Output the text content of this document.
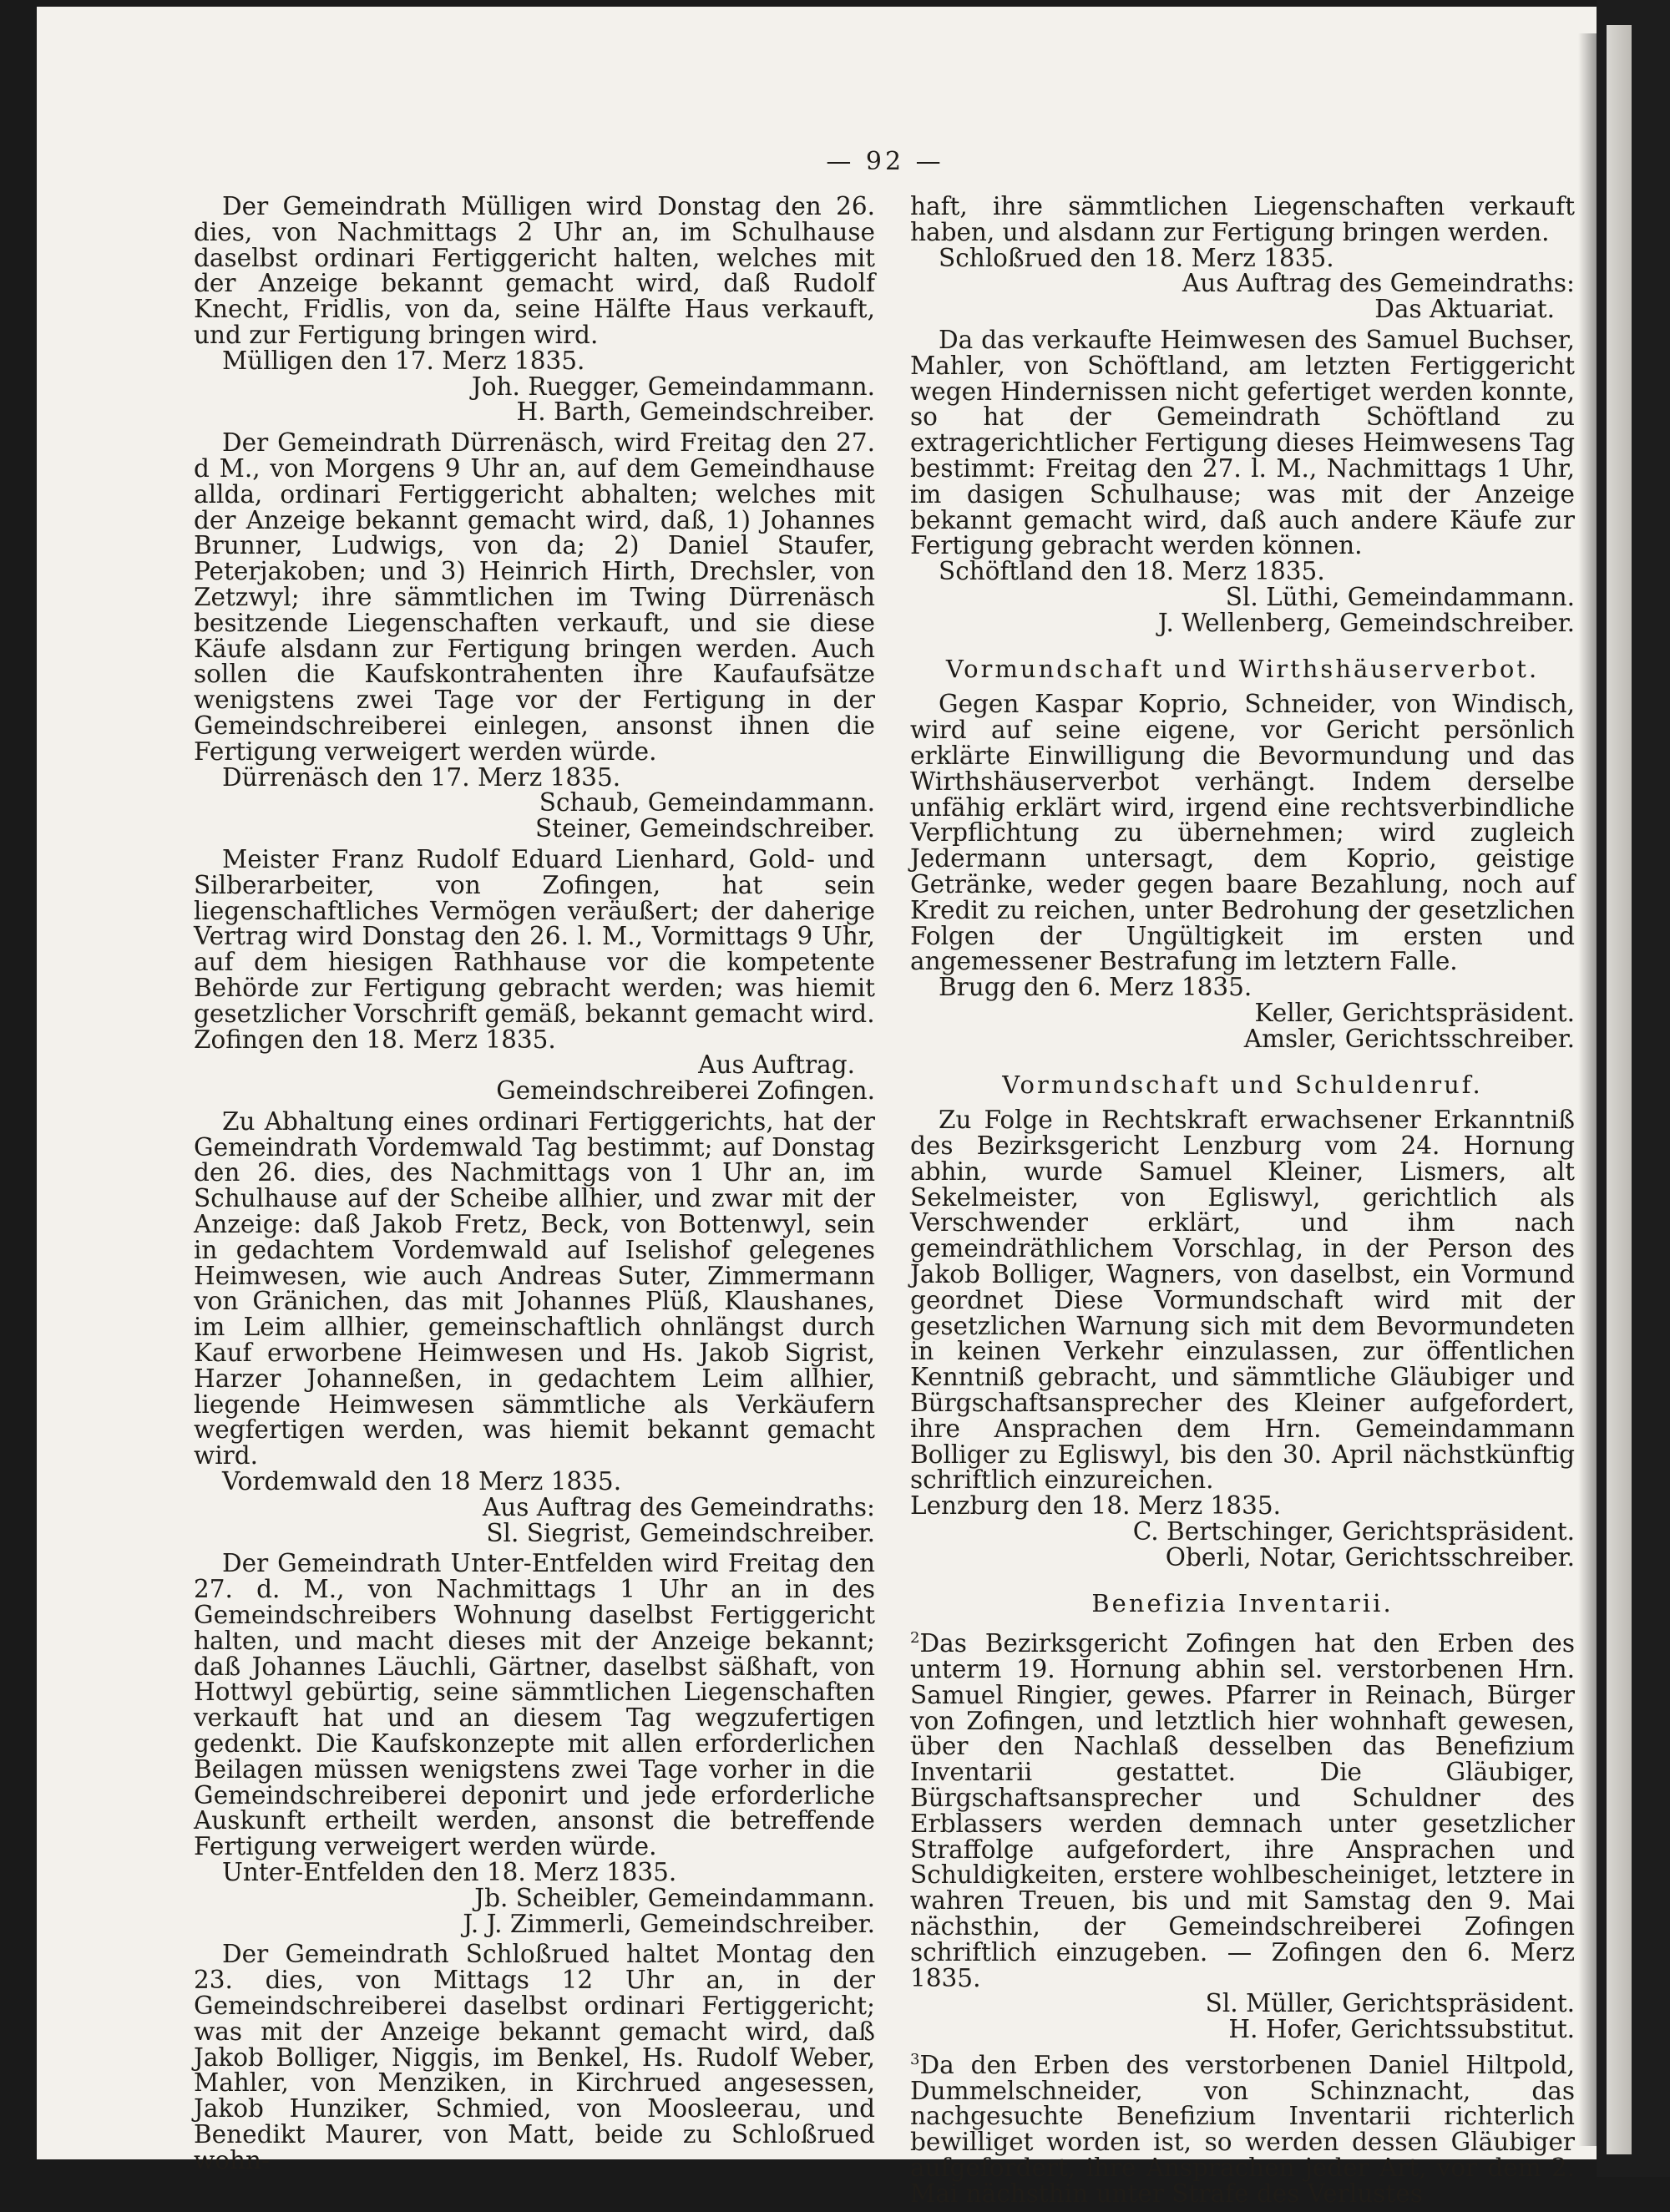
— 92 —

Der Gemeindrath Mülligen wird Donstag den 26. dies, von Nachmittags 2 Uhr an, im Schulhause daselbst ordinari Fertiggericht halten, welches mit der Anzeige bekannt gemacht wird, daß Rudolf Knecht, Fridlis, von da, seine Hälfte Haus verkauft, und zur Fertigung bringen wird.

Mülligen den 17. Merz 1835.

Joh. Ruegger, Gemeindammann.

H. Barth, Gemeindschreiber.

Der Gemeindrath Dürrenäsch, wird Freitag den 27. d M., von Morgens 9 Uhr an, auf dem Gemeindhause allda, ordinari Fertiggericht abhalten; welches mit der Anzeige bekannt gemacht wird, daß, 1) Johannes Brunner, Ludwigs, von da; 2) Daniel Staufer, Peterjakoben; und 3) Heinrich Hirth, Drechsler, von Zetzwyl; ihre sämmtlichen im Twing Dürrenäsch besitzende Liegenschaften verkauft, und sie diese Käufe alsdann zur Fertigung bringen werden. Auch sollen die Kaufskontrahenten ihre Kaufaufsätze wenigstens zwei Tage vor der Fertigung in der Gemeindschreiberei einlegen, ansonst ihnen die Fertigung verweigert werden würde.

Dürrenäsch den 17. Merz 1835.

Schaub, Gemeindammann.

Steiner, Gemeindschreiber.

Meister Franz Rudolf Eduard Lienhard, Gold- und Silberarbeiter, von Zofingen, hat sein liegenschaftliches Vermögen veräußert; der daherige Vertrag wird Donstag den 26. l. M., Vormittags 9 Uhr, auf dem hiesigen Rathhause vor die kompetente Behörde zur Fertigung gebracht werden; was hiemit gesetzlicher Vorschrift gemäß, bekannt gemacht wird.

Zofingen den 18. Merz 1835.

Aus Auftrag.

Gemeindschreiberei Zofingen.

Zu Abhaltung eines ordinari Fertiggerichts, hat der Gemeindrath Vordemwald Tag bestimmt; auf Donstag den 26. dies, des Nachmittags von 1 Uhr an, im Schulhause auf der Scheibe allhier, und zwar mit der Anzeige: daß Jakob Fretz, Beck, von Bottenwyl, sein in gedachtem Vordemwald auf Iselishof gelegenes Heimwesen, wie auch Andreas Suter, Zimmermann von Gränichen, das mit Johannes Plüß, Klaushanes, im Leim allhier, gemeinschaftlich ohnlängst durch Kauf erworbene Heimwesen und Hs. Jakob Sigrist, Harzer Johanneßen, in gedachtem Leim allhier, liegende Heimwesen sämmtliche als Verkäufern wegfertigen werden, was hiemit bekannt gemacht wird.

Vordemwald den 18 Merz 1835.

Aus Auftrag des Gemeindraths:

Sl. Siegrist, Gemeindschreiber.

Der Gemeindrath Unter-Entfelden wird Freitag den 27. d. M., von Nachmittags 1 Uhr an in des Gemeindschreibers Wohnung daselbst Fertiggericht halten, und macht dieses mit der Anzeige bekannt; daß Johannes Läuchli, Gärtner, daselbst säßhaft, von Hottwyl gebürtig, seine sämmtlichen Liegenschaften verkauft hat und an diesem Tag wegzufertigen gedenkt. Die Kaufskonzepte mit allen erforderlichen Beilagen müssen wenigstens zwei Tage vorher in die Gemeindschreiberei deponirt und jede erforderliche Auskunft ertheilt werden, ansonst die betreffende Fertigung verweigert werden würde.

Unter-Entfelden den 18. Merz 1835.

Jb. Scheibler, Gemeindammann.

J. J. Zimmerli, Gemeindschreiber.

Der Gemeindrath Schloßrued haltet Montag den 23. dies, von Mittags 12 Uhr an, in der Gemeindschreiberei daselbst ordinari Fertiggericht; was mit der Anzeige bekannt gemacht wird, daß Jakob Bolliger, Niggis, im Benkel, Hs. Rudolf Weber, Mahler, von Menziken, in Kirchrued angesessen, Jakob Hunziker, Schmied, von Moosleerau, und Benedikt Maurer, von Matt, beide zu Schloßrued wohn-

haft, ihre sämmtlichen Liegenschaften verkauft haben, und alsdann zur Fertigung bringen werden.

Schloßrued den 18. Merz 1835.

Aus Auftrag des Gemeindraths:

Das Aktuariat.

Da das verkaufte Heimwesen des Samuel Buchser, Mahler, von Schöftland, am letzten Fertiggericht wegen Hindernissen nicht gefertiget werden konnte, so hat der Gemeindrath Schöftland zu extragerichtlicher Fertigung dieses Heimwesens Tag bestimmt: Freitag den 27. l. M., Nachmittags 1 Uhr, im dasigen Schulhause; was mit der Anzeige bekannt gemacht wird, daß auch andere Käufe zur Fertigung gebracht werden können.

Schöftland den 18. Merz 1835.

Sl. Lüthi, Gemeindammann.

J. Wellenberg, Gemeindschreiber.

Vormundschaft und Wirthshäuserverbot.

Gegen Kaspar Koprio, Schneider, von Windisch, wird auf seine eigene, vor Gericht persönlich erklärte Einwilligung die Bevormundung und das Wirthshäuserverbot verhängt. Indem derselbe unfähig erklärt wird, irgend eine rechtsverbindliche Verpflichtung zu übernehmen; wird zugleich Jedermann untersagt, dem Koprio, geistige Getränke, weder gegen baare Bezahlung, noch auf Kredit zu reichen, unter Bedrohung der gesetzlichen Folgen der Ungültigkeit im ersten und angemessener Bestrafung im letztern Falle.

Brugg den 6. Merz 1835.

Keller, Gerichtspräsident.

Amsler, Gerichtsschreiber.

Vormundschaft und Schuldenruf.

Zu Folge in Rechtskraft erwachsener Erkanntniß des Bezirksgericht Lenzburg vom 24. Hornung abhin, wurde Samuel Kleiner, Lismers, alt Sekelmeister, von Egliswyl, gerichtlich als Verschwender erklärt, und ihm nach gemeindräthlichem Vorschlag, in der Person des Jakob Bolliger, Wagners, von daselbst, ein Vormund geordnet Diese Vormundschaft wird mit der gesetzlichen Warnung sich mit dem Bevormundeten in keinen Verkehr einzulassen, zur öffentlichen Kenntniß gebracht, und sämmtliche Gläubiger und Bürgschaftsansprecher des Kleiner aufgefordert, ihre Ansprachen dem Hrn. Gemeindammann Bolliger zu Egliswyl, bis den 30. April nächstkünftig schriftlich einzureichen.

Lenzburg den 18. Merz 1835.

C. Bertschinger, Gerichtspräsident.

Oberli, Notar, Gerichtsschreiber.

Benefizia Inventarii.

$^2$Das Bezirksgericht Zofingen hat den Erben des unterm 19. Hornung abhin sel. verstorbenen Hrn. Samuel Ringier, gewes. Pfarrer in Reinach, Bürger von Zofingen, und letztlich hier wohnhaft gewesen, über den Nachlaß desselben das Benefizium Inventarii gestattet. Die Gläubiger, Bürgschaftsansprecher und Schuldner des Erblassers werden demnach unter gesetzlicher Straffolge aufgefordert, ihre Ansprachen und Schuldigkeiten, erstere wohlbescheiniget, letztere in wahren Treuen, bis und mit Samstag den 9. Mai nächsthin, der Gemeindschreiberei Zofingen schriftlich einzugeben. — Zofingen den 6. Merz 1835.

Sl. Müller, Gerichtspräsident.

H. Hofer, Gerichtssubstitut.

$^3$Da den Erben des verstorbenen Daniel Hiltpold, Dummelschneider, von Schinznacht, das nachgesuchte Benefizium Inventarii richterlich bewilliget worden ist, so werden dessen Gläubiger aufgefordert, ihre Ansprachen jeder Art, vor dem 2. Mai nächsthin unter Strafe des Verlustes
